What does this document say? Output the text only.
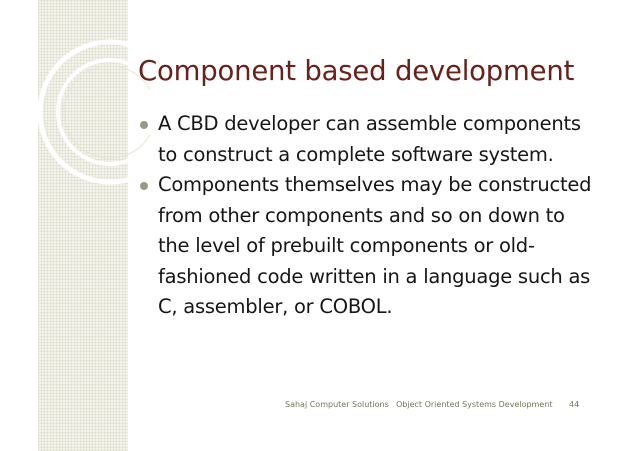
Component based development
A CBD developer can assemble components to construct a complete software system.
Components themselves may be constructed from other components and so on down to the level of prebuilt components or old-fashioned code written in a language such as C, assembler, or COBOL.
Sahaj Computer Solutions Object Oriented Systems Development 44
